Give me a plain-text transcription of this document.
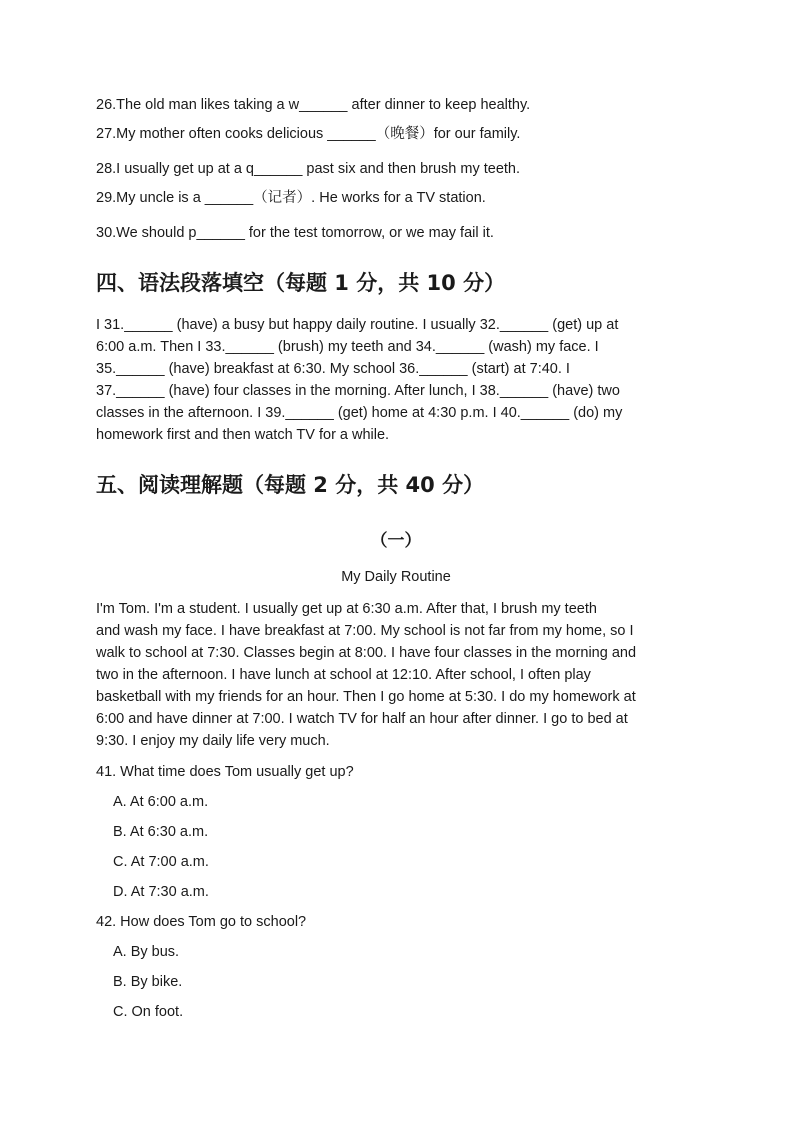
26.The old man likes taking a w______ after dinner to keep healthy.
27.My mother often cooks delicious ______（晚餐）for our family.
28.I usually get up at a q______ past six and then brush my teeth.
29.My uncle is a ______（记者）. He works for a TV station.
30.We should p______ for the test tomorrow, or we may fail it.
四、语法段落填空（每题 1 分，共 10 分）

I 31.______ (have) a busy but happy daily routine. I usually 32.______ (get) up at

6:00 a.m. Then I 33.______ (brush) my teeth and 34.______ (wash) my face. I

35.______ (have) breakfast at 6:30. My school 36.______ (start) at 7:40. I

37.______ (have) four classes in the morning. After lunch, I 38.______ (have) two

classes in the afternoon. I 39.______ (get) home at 4:30 p.m. I 40.______ (do) my

homework first and then watch TV for a while.

五、阅读理解题（每题 2 分，共 40 分）
（一）
My Daily Routine

I'm Tom. I'm a student. I usually get up at 6:30 a.m. After that, I brush my teeth

and wash my face. I have breakfast at 7:00. My school is not far from my home, so I

walk to school at 7:30. Classes begin at 8:00. I have four classes in the morning and

two in the afternoon. I have lunch at school at 12:10. After school, I often play

basketball with my friends for an hour. Then I go home at 5:30. I do my homework at

6:00 and have dinner at 7:00. I watch TV for half an hour after dinner. I go to bed at

9:30. I enjoy my daily life very much.

41. What time does Tom usually get up?
A. At 6:00 a.m.
B. At 6:30 a.m.
C. At 7:00 a.m.
D. At 7:30 a.m.
42. How does Tom go to school?
A. By bus.
B. By bike.
C. On foot.
